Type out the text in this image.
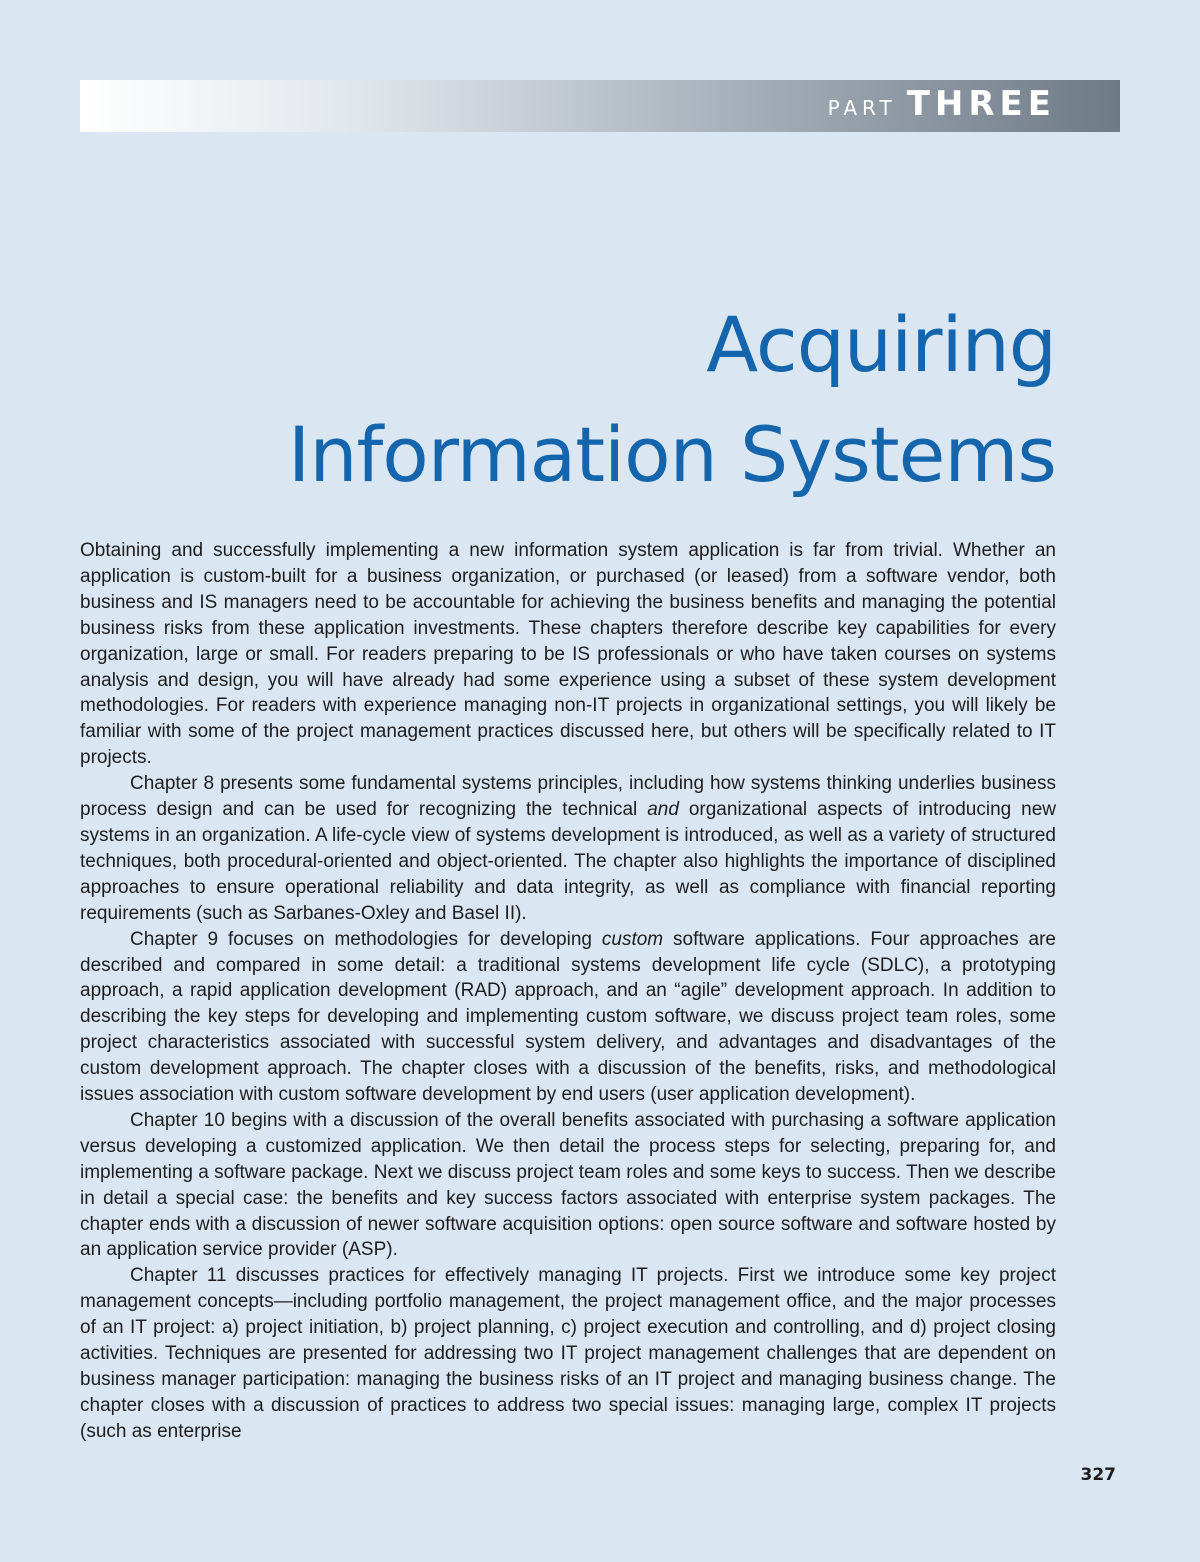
PART THREE
Acquiring
Information Systems

Obtaining and successfully implementing a new information system application is far from trivial. Whether an application is custom-built for a business organization, or purchased (or leased) from a software vendor, both business and IS managers need to be accountable for achieving the business benefits and managing the potential business risks from these application investments. These chapters therefore describe key capabilities for every organization, large or small. For readers preparing to be IS professionals or who have taken courses on systems analysis and design, you will have already had some experience using a subset of these system development methodologies. For readers with experience managing non-IT projects in organizational settings, you will likely be familiar with some of the project management practices discussed here, but others will be specifically related to IT projects.

Chapter 8 presents some fundamental systems principles, including how systems thinking underlies business process design and can be used for recognizing the technical and organizational aspects of introducing new systems in an organization. A life-cycle view of systems development is introduced, as well as a variety of structured techniques, both procedural-oriented and object-oriented. The chapter also highlights the importance of disciplined approaches to ensure operational reliability and data integrity, as well as compliance with financial reporting requirements (such as Sarbanes-Oxley and Basel II).

Chapter 9 focuses on methodologies for developing custom software applications. Four approaches are described and compared in some detail: a traditional systems development life cycle (SDLC), a prototyping approach, a rapid application development (RAD) approach, and an “agile” development approach. In addition to describing the key steps for developing and implementing custom software, we discuss project team roles, some project characteristics associated with successful system delivery, and advantages and disadvantages of the custom development approach. The chapter closes with a discussion of the benefits, risks, and methodological issues association with custom software development by end users (user application development).

Chapter 10 begins with a discussion of the overall benefits associated with purchasing a software application versus developing a customized application. We then detail the process steps for selecting, preparing for, and implementing a software package. Next we discuss project team roles and some keys to success. Then we describe in detail a special case: the benefits and key success factors associated with enterprise system packages. The chapter ends with a discussion of newer software acquisition options: open source software and software hosted by an application service provider (ASP).

Chapter 11 discusses practices for effectively managing IT projects. First we introduce some key project management concepts—including portfolio management, the project management office, and the major processes of an IT project: a) project initiation, b) project planning, c) project execution and controlling, and d) project closing activities. Techniques are presented for addressing two IT project management challenges that are dependent on business manager participation: managing the business risks of an IT project and managing business change. The chapter closes with a discussion of practices to address two special issues: managing large, complex IT projects (such as enterprise

327
